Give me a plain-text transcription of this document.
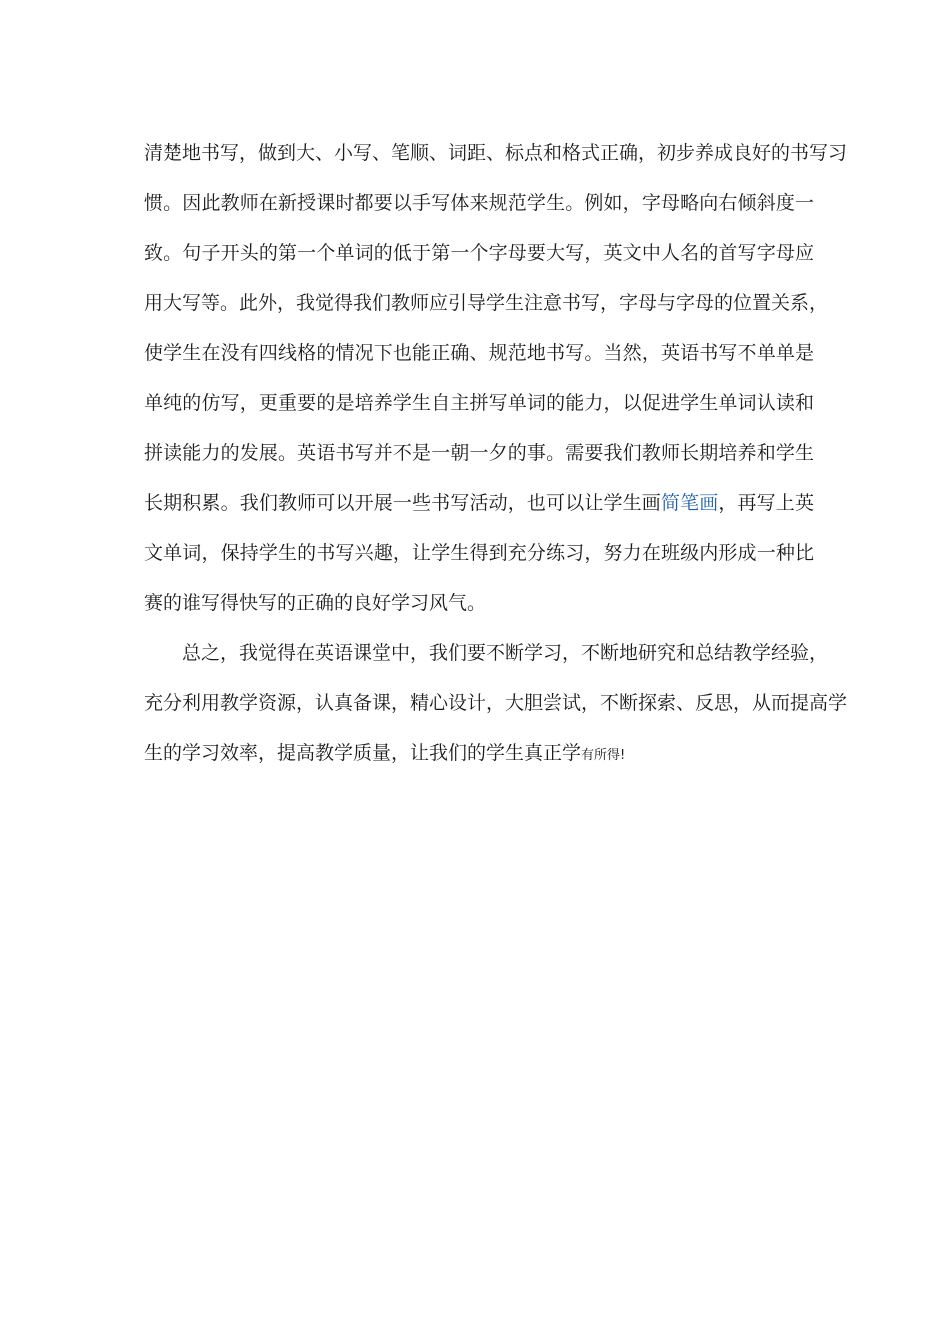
清楚地书写，做到大、小写、笔顺、词距、标点和格式正确，初步养成良好的书写习
惯。因此教师在新授课时都要以手写体来规范学生。例如，字母略向右倾斜度一
致。句子开头的第一个单词的低于第一个字母要大写，英文中人名的首写字母应
用大写等。此外，我觉得我们教师应引导学生注意书写，字母与字母的位置关系，
使学生在没有四线格的情况下也能正确、规范地书写。当然，英语书写不单单是
单纯的仿写，更重要的是培养学生自主拼写单词的能力，以促进学生单词认读和
拼读能力的发展。英语书写并不是一朝一夕的事。需要我们教师长期培养和学生
长期积累。我们教师可以开展一些书写活动，也可以让学生画简笔画，再写上英
文单词，保持学生的书写兴趣，让学生得到充分练习，努力在班级内形成一种比
赛的谁写得快写的正确的良好学习风气。
总之，我觉得在英语课堂中，我们要不断学习，不断地研究和总结教学经验，
充分利用教学资源，认真备课，精心设计，大胆尝试，不断探索、反思，从而提高学
生的学习效率，提高教学质量，让我们的学生真正学有所得!
